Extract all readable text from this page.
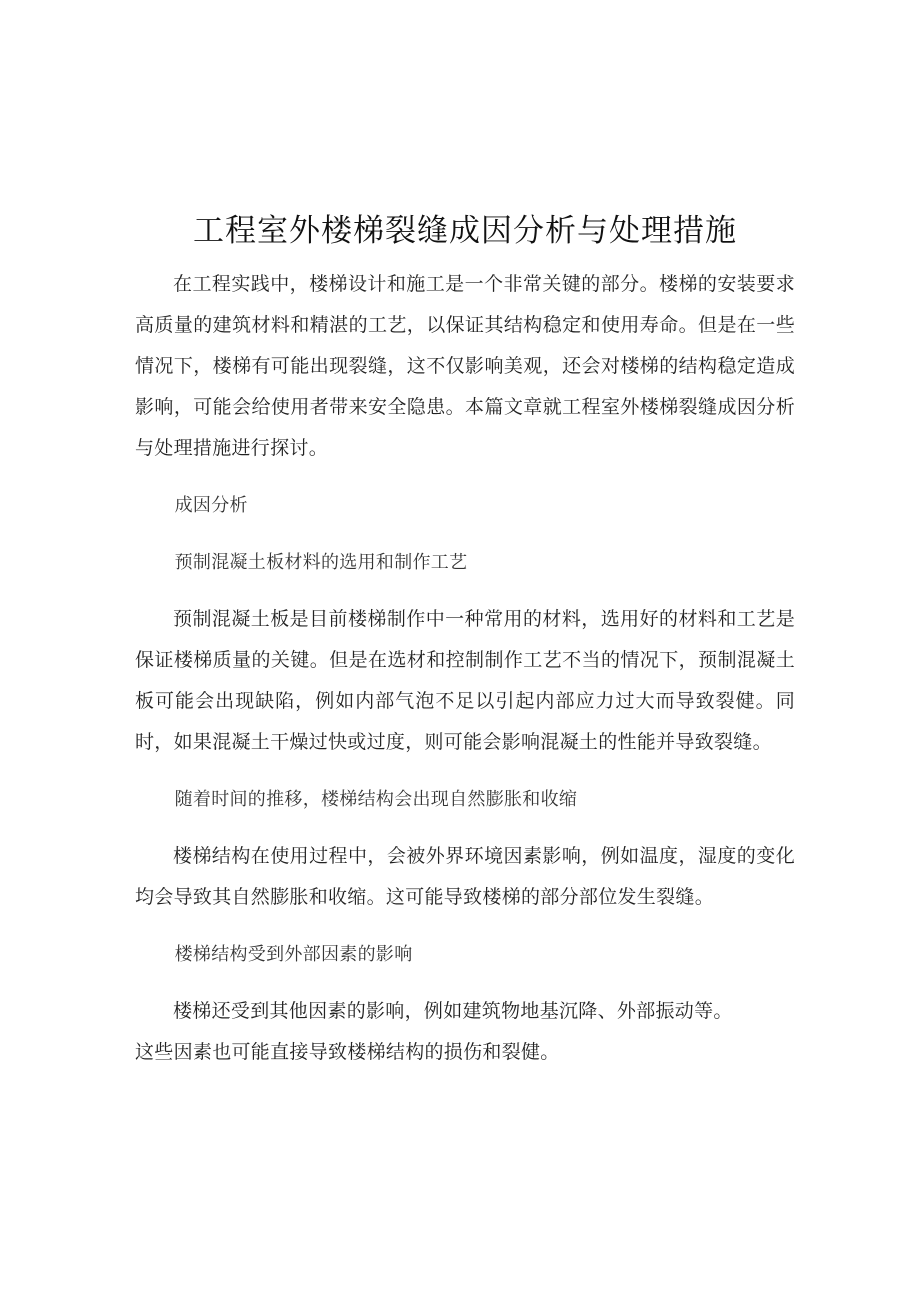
工程室外楼梯裂缝成因分析与处理措施

在工程实践中，楼梯设计和施工是一个非常关键的部分。楼梯的安装要求高质量的建筑材料和精湛的工艺，以保证其结构稳定和使用寿命。但是在一些情况下，楼梯有可能出现裂缝，这不仅影响美观，还会对楼梯的结构稳定造成影响，可能会给使用者带来安全隐患。本篇文章就工程室外楼梯裂缝成因分析与处理措施进行探讨。

成因分析

预制混凝土板材料的选用和制作工艺

预制混凝土板是目前楼梯制作中一种常用的材料，选用好的材料和工艺是保证楼梯质量的关键。但是在选材和控制制作工艺不当的情况下，预制混凝土板可能会出现缺陷，例如内部气泡不足以引起内部应力过大而导致裂健。同时，如果混凝土干燥过快或过度，则可能会影响混凝土的性能并导致裂缝。

随着时间的推移，楼梯结构会出现自然膨胀和收缩

楼梯结构在使用过程中，会被外界环境因素影响，例如温度，湿度的变化均会导致其自然膨胀和收缩。这可能导致楼梯的部分部位发生裂缝。

楼梯结构受到外部因素的影响

楼梯还受到其他因素的影响，例如建筑物地基沉降、外部振动等。

这些因素也可能直接导致楼梯结构的损伤和裂健。
